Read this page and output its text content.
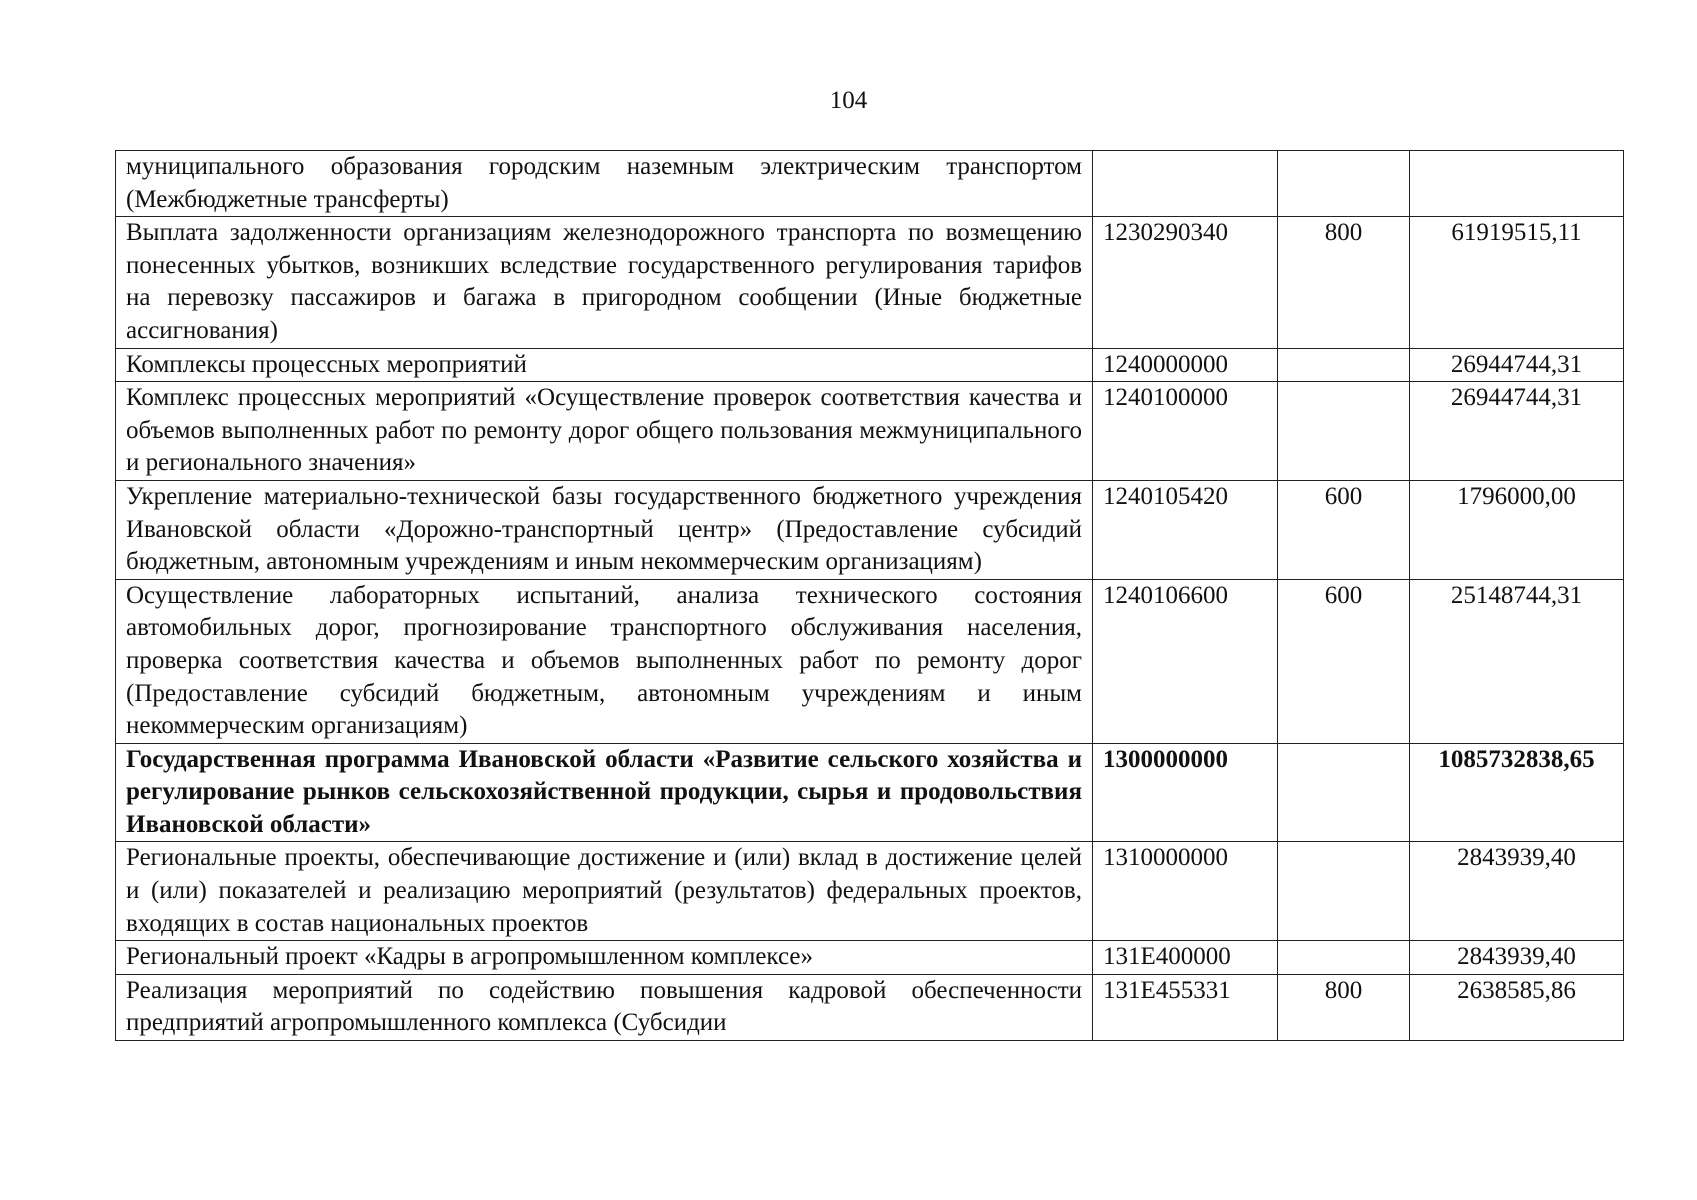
104
муниципального образования городским наземным электрическим транспортом (Межбюджетные трансферты)			
Выплата задолженности организациям железнодорожного транспорта по возмещению понесенных убытков, возникших вследствие государственного регулирования тарифов на перевозку пассажиров и багажа в пригородном сообщении (Иные бюджетные ассигнования)	1230290340	800	61919515,11
Комплексы процессных мероприятий	1240000000		26944744,31
Комплекс процессных мероприятий «Осуществление проверок соответствия качества и объемов выполненных работ по ремонту дорог общего пользования межмуниципального и регионального значения»	1240100000		26944744,31
Укрепление материально-технической базы государственного бюджетного учреждения Ивановской области «Дорожно-транспортный центр» (Предоставление субсидий бюджетным, автономным учреждениям и иным некоммерческим организациям)	1240105420	600	1796000,00
Осуществление лабораторных испытаний, анализа технического состояния автомобильных дорог, прогнозирование транспортного обслуживания населения, проверка соответствия качества и объемов выполненных работ по ремонту дорог (Предоставление субсидий бюджетным, автономным учреждениям и иным некоммерческим организациям)	1240106600	600	25148744,31
Государственная программа Ивановской области «Развитие сельского хозяйства и регулирование рынков сельскохозяйственной продукции, сырья и продовольствия Ивановской области»	1300000000		1085732838,65
Региональные проекты, обеспечивающие достижение и (или) вклад в достижение целей и (или) показателей и реализацию мероприятий (результатов) федеральных проектов, входящих в состав национальных проектов	1310000000		2843939,40
Региональный проект «Кадры в агропромышленном комплексе»	131Е400000		2843939,40
Реализация мероприятий по содействию повышения кадровой обеспеченности предприятий агропромышленного комплекса (Субсидии	131Е455331	800	2638585,86
